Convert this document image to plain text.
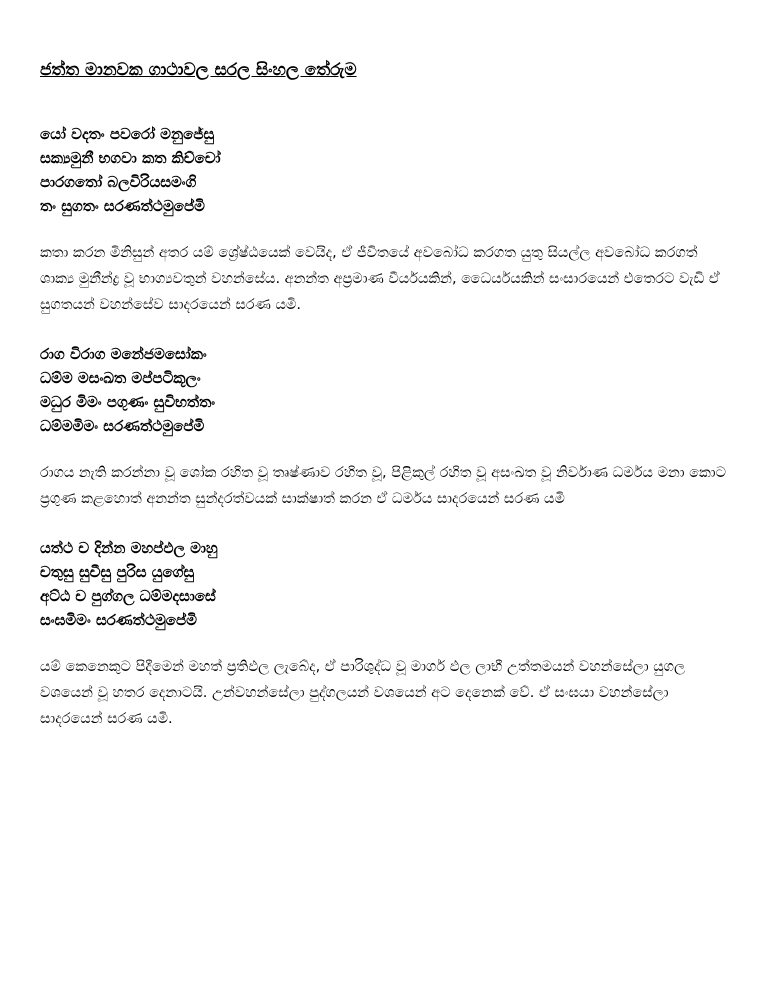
ජත්ත මානවක ගාථාවල සරල සිංහල තේරුම
යෝ වදතං පවරෝ මනුජේසු
සක්‍යමුනී භගවා කත කිච්චෝ
පාරගතෝ බලවිරියසමංගි
තං සුගතං සරණත්ථමුපේමි

කතා කරන මිනිසුන් අතර යම් ශ්‍රේෂ්ඨයෙක් වෙයිද, ඒ ජීවිතයේ අවබෝධ කරගත යුතු සියල්ල අවබෝධ කරගත් ශාක්‍ය මුනීන්ද්‍ර වූ භාග්‍යවතුන් වහන්සේය. අනන්ත අප්‍රමාණ වීර්යයකින්, ධෛර්යයකින් සංසාරයෙන් එතෙරට වැඩි ඒ සුගතයන් වහන්සේව සාදරයෙන් සරණ යමි.

රාග විරාග මනේජමසෝකං
ධම්ම මසංඛත මප්පටිකූලං
මධුර මිමං පගුණං සුවිභත්තං
ධම්මමිමං සරණත්ථමුපේමි

රාගය නැති කරන්නා වූ ශෝක රහිත වූ තෘෂ්ණාව රහිත වූ, පිළිකුල් රහිත වූ අසංඛත වූ නිර්වාණ ධර්මය මනා කොට ප්‍රගුණ කළහොත් අනන්ත සුන්දරත්වයක් සාක්ෂාත් කරන ඒ ධර්මය සාදරයෙන් සරණ යමි

යත්ථ ච දින්න මහප්ඵල මාහු
චතුසු සුචීසු පුරිස යුගේසු
අට්ඨ ච පුග්ගල ධම්මදසාසේ
සංඝමිමං සරණත්ථමුපේමි

යම් කෙනෙකුට පිදීමෙන් මහත් ප්‍රතිඵල ලැබේද, ඒ පාරිශුද්ධ වූ මාර්ග ඵල ලාභී උත්තමයන් වහන්සේලා යුගල වශයෙන් වූ හතර දෙනාටයි. උන්වහන්සේලා පුද්ගලයන් වශයෙන් අට දෙනෙක් වේ. ඒ සංඝයා වහන්සේලා සාදරයෙන් සරණ යමි.
